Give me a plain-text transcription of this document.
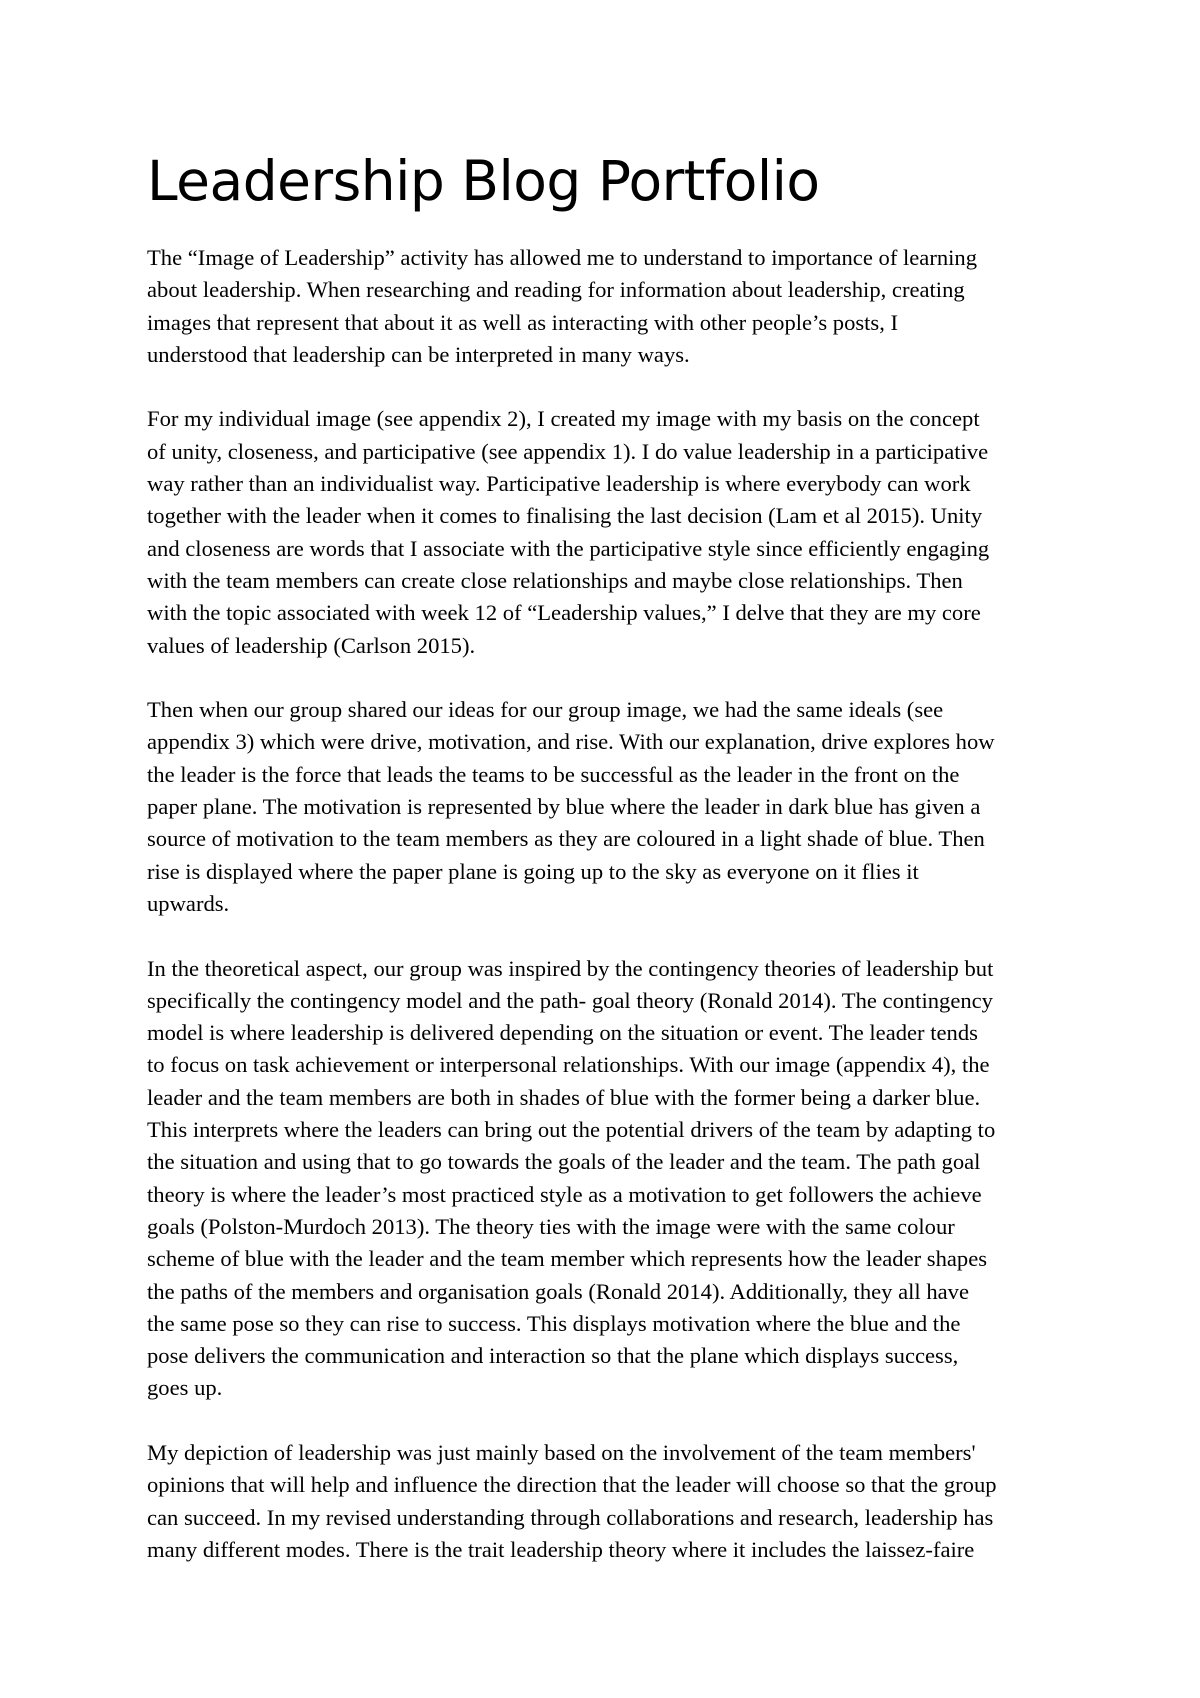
Leadership Blog Portfolio

The “Image of Leadership” activity has allowed me to understand to importance of learning
about leadership. When researching and reading for information about leadership, creating
images that represent that about it as well as interacting with other people’s posts, I
understood that leadership can be interpreted in many ways.

For my individual image (see appendix 2), I created my image with my basis on the concept
of unity, closeness, and participative (see appendix 1). I do value leadership in a participative
way rather than an individualist way. Participative leadership is where everybody can work
together with the leader when it comes to finalising the last decision (Lam et al 2015). Unity
and closeness are words that I associate with the participative style since efficiently engaging
with the team members can create close relationships and maybe close relationships. Then
with the topic associated with week 12 of “Leadership values,” I delve that they are my core
values of leadership (Carlson 2015).

Then when our group shared our ideas for our group image, we had the same ideals (see
appendix 3) which were drive, motivation, and rise. With our explanation, drive explores how
the leader is the force that leads the teams to be successful as the leader in the front on the
paper plane. The motivation is represented by blue where the leader in dark blue has given a
source of motivation to the team members as they are coloured in a light shade of blue. Then
rise is displayed where the paper plane is going up to the sky as everyone on it flies it
upwards.

In the theoretical aspect, our group was inspired by the contingency theories of leadership but
specifically the contingency model and the path- goal theory (Ronald 2014). The contingency
model is where leadership is delivered depending on the situation or event. The leader tends
to focus on task achievement or interpersonal relationships. With our image (appendix 4), the
leader and the team members are both in shades of blue with the former being a darker blue.
This interprets where the leaders can bring out the potential drivers of the team by adapting to
the situation and using that to go towards the goals of the leader and the team. The path goal
theory is where the leader’s most practiced style as a motivation to get followers the achieve
goals (Polston-Murdoch 2013). The theory ties with the image were with the same colour
scheme of blue with the leader and the team member which represents how the leader shapes
the paths of the members and organisation goals (Ronald 2014). Additionally, they all have
the same pose so they can rise to success. This displays motivation where the blue and the
pose delivers the communication and interaction so that the plane which displays success,
goes up.

My depiction of leadership was just mainly based on the involvement of the team members'
opinions that will help and influence the direction that the leader will choose so that the group
can succeed. In my revised understanding through collaborations and research, leadership has
many different modes. There is the trait leadership theory where it includes the laissez-faire
